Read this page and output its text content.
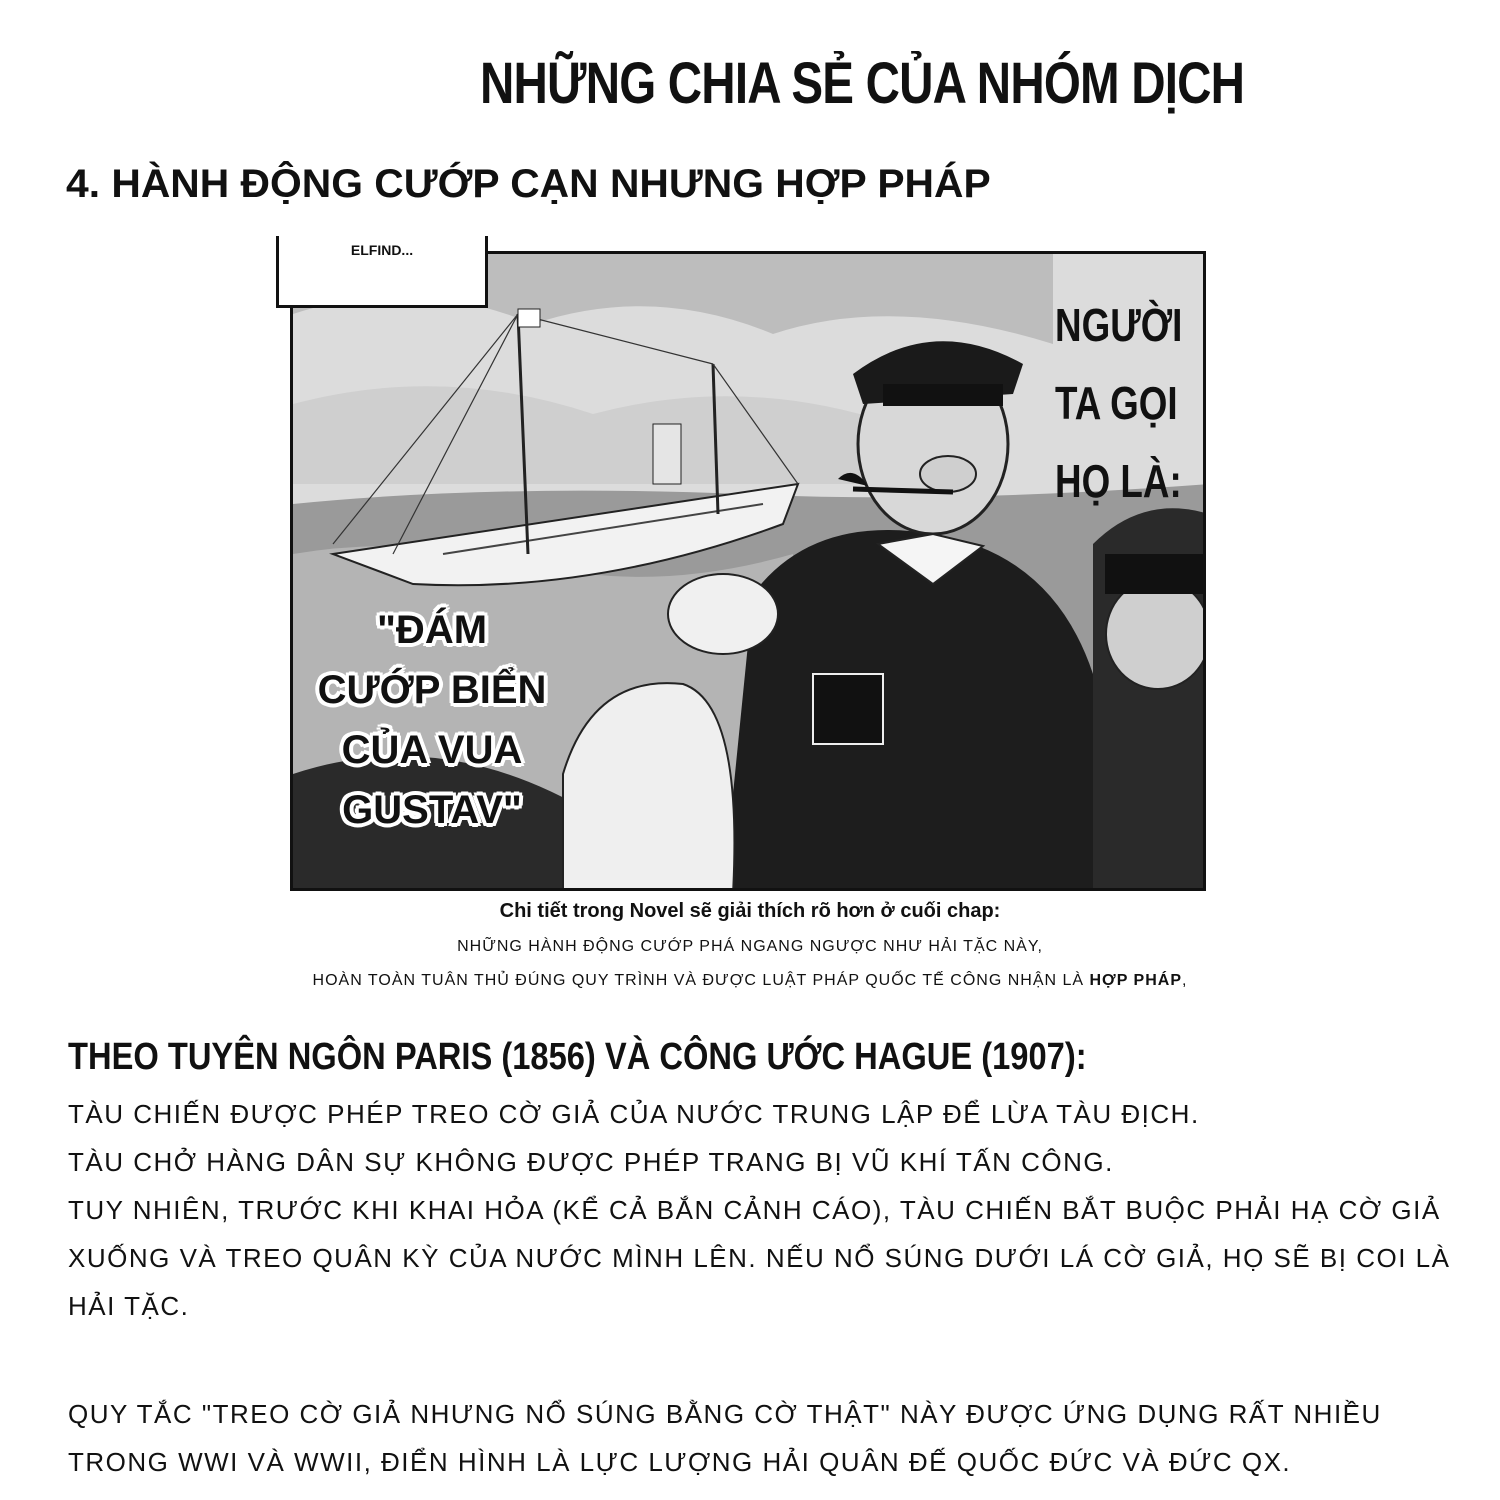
NHỮNG CHIA SẺ CỦA NHÓM DỊCH
4. HÀNH ĐỘNG CƯỚP CẠN NHƯNG HỢP PHÁP
ELFIND...
NGƯỜI
TA GỌI
HỌ LÀ:
"ĐÁM
CƯỚP BIỂN
CỦA VUA
GUSTAV"
Chi tiết trong Novel sẽ giải thích rõ hơn ở cuối chap:
NHỮNG HÀNH ĐỘNG CƯỚP PHÁ NGANG NGƯỢC NHƯ HẢI TẶC NÀY,
HOÀN TOÀN TUÂN THỦ ĐÚNG QUY TRÌNH VÀ ĐƯỢC LUẬT PHÁP QUỐC TẾ CÔNG NHẬN LÀ HỢP PHÁP,
THEO TUYÊN NGÔN PARIS (1856) VÀ CÔNG ƯỚC HAGUE (1907):

TÀU CHIẾN ĐƯỢC PHÉP TREO CỜ GIẢ CỦA NƯỚC TRUNG LẬP ĐỂ LỪA TÀU ĐỊCH.

TÀU CHỞ HÀNG DÂN SỰ KHÔNG ĐƯỢC PHÉP TRANG BỊ VŨ KHÍ TẤN CÔNG.

TUY NHIÊN, TRƯỚC KHI KHAI HỎA (KỂ CẢ BẮN CẢNH CÁO), TÀU CHIẾN BẮT BUỘC PHẢI HẠ CỜ GIẢ XUỐNG VÀ TREO QUÂN KỲ CỦA NƯỚC MÌNH LÊN. NẾU NỔ SÚNG DƯỚI LÁ CỜ GIẢ, HỌ SẼ BỊ COI LÀ HẢI TẶC.

QUY TẮC "TREO CỜ GIẢ NHƯNG NỔ SÚNG BẰNG CỜ THẬT" NÀY ĐƯỢC ỨNG DỤNG RẤT NHIỀU TRONG WWI VÀ WWII, ĐIỂN HÌNH LÀ LỰC LƯỢNG HẢI QUÂN ĐẾ QUỐC ĐỨC VÀ ĐỨC QX.
